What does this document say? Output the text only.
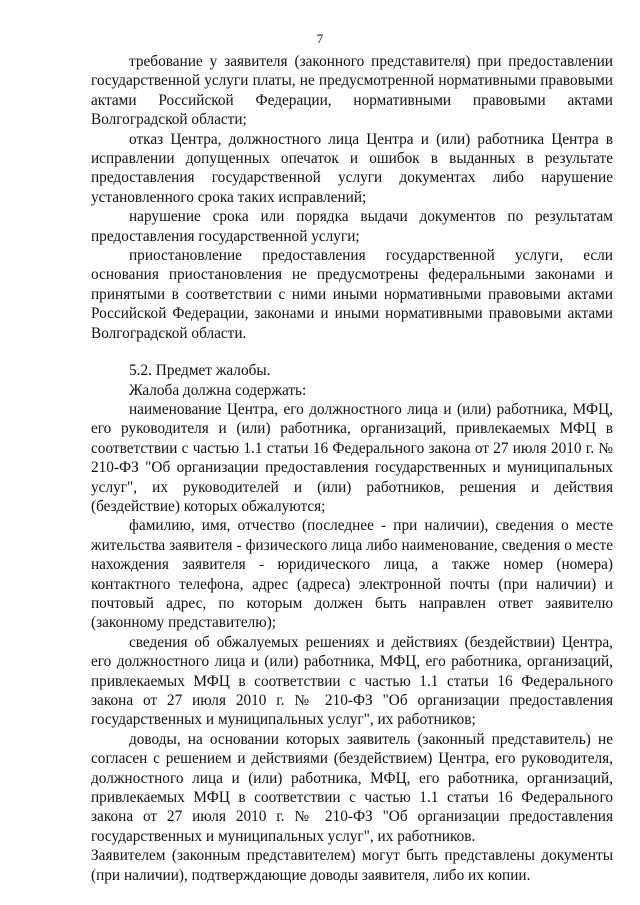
7

требование у заявителя (законного представителя) при предоставлении государственной услуги платы, не предусмотренной нормативными правовыми актами Российской Федерации, нормативными правовыми актами Волгоградской области;

отказ Центра, должностного лица Центра и (или) работника Центра в исправлении допущенных опечаток и ошибок в выданных в результате предоставления государственной услуги документах либо нарушение установленного срока таких исправлений;

нарушение срока или порядка выдачи документов по результатам предоставления государственной услуги;

приостановление предоставления государственной услуги, если основания приостановления не предусмотрены федеральными законами и принятыми в соответствии с ними иными нормативными правовыми актами Российской Федерации, законами и иными нормативными правовыми актами Волгоградской области.

5.2. Предмет жалобы.

Жалоба должна содержать:

наименование Центра, его должностного лица и (или) работника, МФЦ, его руководителя и (или) работника, организаций, привлекаемых МФЦ в соответствии с частью 1.1 статьи 16 Федерального закона от 27 июля 2010 г. № 210-ФЗ "Об организации предоставления государственных и муниципальных услуг", их руководителей и (или) работников, решения и действия (бездействие) которых обжалуются;

фамилию, имя, отчество (последнее - при наличии), сведения о месте жительства заявителя - физического лица либо наименование, сведения о месте нахождения заявителя - юридического лица, а также номер (номера) контактного телефона, адрес (адреса) электронной почты (при наличии) и почтовый адрес, по которым должен быть направлен ответ заявителю (законному представителю);

сведения об обжалуемых решениях и действиях (бездействии) Центра, его должностного лица и (или) работника, МФЦ, его работника, организаций, привлекаемых МФЦ в соответствии с частью 1.1 статьи 16 Федерального закона от 27 июля 2010 г. № 210-ФЗ "Об организации предоставления государственных и муниципальных услуг", их работников;

доводы, на основании которых заявитель (законный представитель) не согласен с решением и действиями (бездействием) Центра, его руководителя, должностного лица и (или) работника, МФЦ, его работника, организаций, привлекаемых МФЦ в соответствии с частью 1.1 статьи 16 Федерального закона от 27 июля 2010 г. № 210-ФЗ "Об организации предоставления государственных и муниципальных услуг", их работников.

Заявителем (законным представителем) могут быть представлены документы (при наличии), подтверждающие доводы заявителя, либо их копии.
